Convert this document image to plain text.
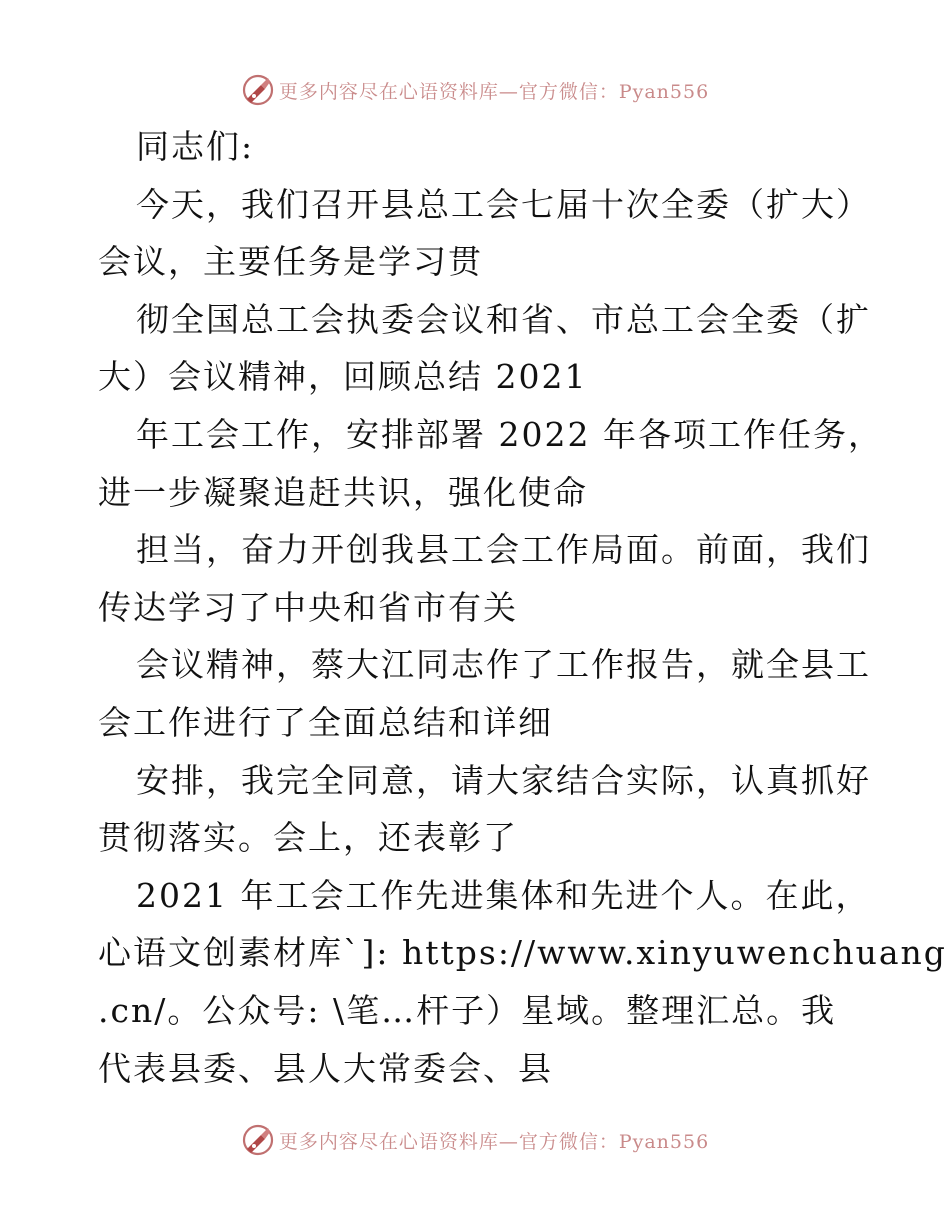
更多内容尽在心语资料库—官方微信：Pyan556
同志们:
今天，我们召开县总工会七届十次全委（扩大）
会议，主要任务是学习贯
彻全国总工会执委会议和省、市总工会全委（扩
大）会议精神，回顾总结 2021
年工会工作，安排部署 2022 年各项工作任务，
进一步凝聚追赶共识，强化使命
担当，奋力开创我县工会工作局面。前面，我们
传达学习了中央和省市有关
会议精神，蔡大江同志作了工作报告，就全县工
会工作进行了全面总结和详细
安排，我完全同意，请大家结合实际，认真抓好
贯彻落实。会上，还表彰了
2021 年工会工作先进集体和先进个人。在此，
心语文创素材库`]: https://www.xinyuwenchuang
.cn/。公众号: \笔…杆子）星域。整理汇总。我
代表县委、县人大常委会、县
更多内容尽在心语资料库—官方微信：Pyan556
